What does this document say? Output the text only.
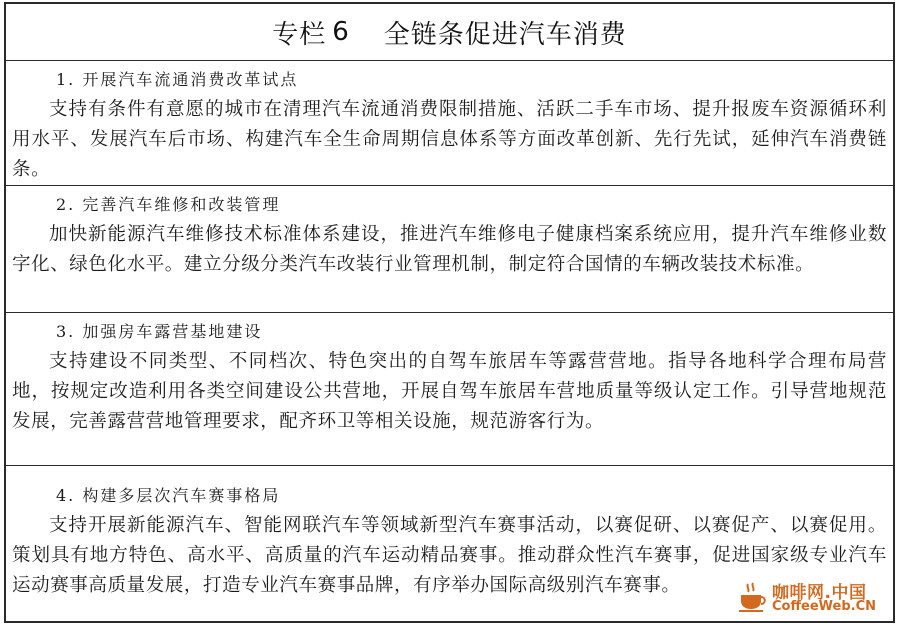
专栏 6 全链条促进汽车消费
1. 开展汽车流通消费改革试点
支持有条件有意愿的城市在清理汽车流通消费限制措施、活跃二手车市场、提升报废车资源循环利用水平、发展汽车后市场、构建汽车全生命周期信息体系等方面改革创新、先行先试，延伸汽车消费链条。
2. 完善汽车维修和改装管理
加快新能源汽车维修技术标准体系建设，推进汽车维修电子健康档案系统应用，提升汽车维修业数字化、绿色化水平。建立分级分类汽车改装行业管理机制，制定符合国情的车辆改装技术标准。
3. 加强房车露营基地建设
支持建设不同类型、不同档次、特色突出的自驾车旅居车等露营营地。指导各地科学合理布局营地，按规定改造利用各类空间建设公共营地，开展自驾车旅居车营地质量等级认定工作。引导营地规范发展，完善露营营地管理要求，配齐环卫等相关设施，规范游客行为。
4. 构建多层次汽车赛事格局
支持开展新能源汽车、智能网联汽车等领域新型汽车赛事活动，以赛促研、以赛促产、以赛促用。策划具有地方特色、高水平、高质量的汽车运动精品赛事。推动群众性汽车赛事，促进国家级专业汽车运动赛事高质量发展，打造专业汽车赛事品牌，有序举办国际高级别汽车赛事。	咖啡网.中国
CoffeeWeb.CN
